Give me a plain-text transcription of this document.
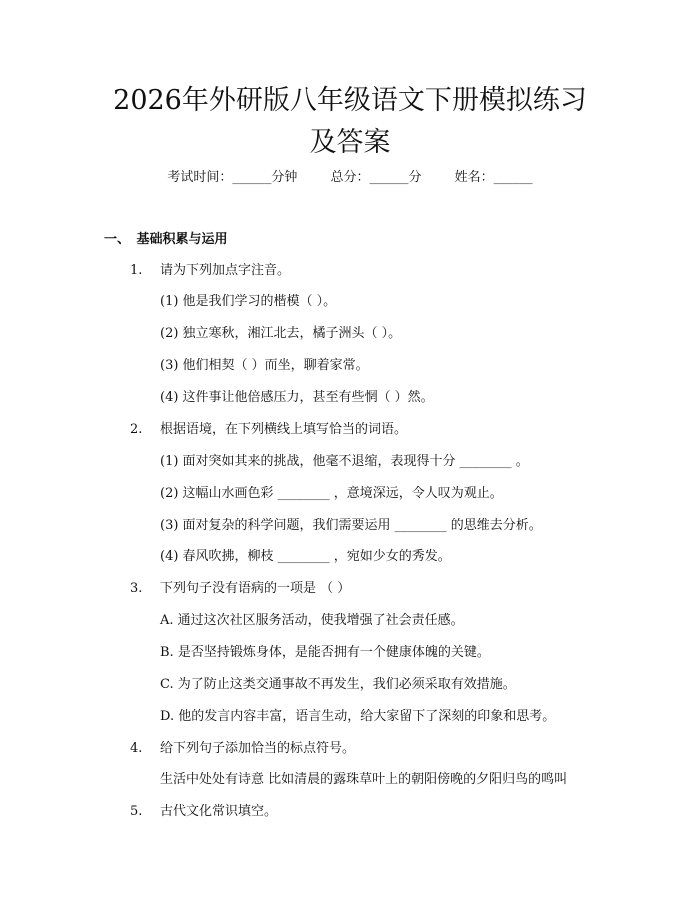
2026年外研版八年级语文下册模拟练习及答案
考试时间：______分钟	总分：______分	姓名：______
一、　基础积累与运用
1. 请为下列加点字注音。
(1) 他是我们学习的楷模（ ）。
(2) 独立寒秋，湘江北去，橘子洲头（ ）。
(3) 他们相契（ ）而坐，聊着家常。
(4) 这件事让他倍感压力，甚至有些惘（ ）然。
2. 根据语境，在下列横线上填写恰当的词语。
(1) 面对突如其来的挑战，他毫不退缩，表现得十分 ________ 。
(2) 这幅山水画色彩 ________ ，意境深远，令人叹为观止。
(3) 面对复杂的科学问题，我们需要运用 ________ 的思维去分析。
(4) 春风吹拂，柳枝 ________ ，宛如少女的秀发。
3. 下列句子没有语病的一项是 （ ）
A. 通过这次社区服务活动，使我增强了社会责任感。
B. 是否坚持锻炼身体，是能否拥有一个健康体魄的关键。
C. 为了防止这类交通事故不再发生，我们必须采取有效措施。
D. 他的发言内容丰富，语言生动，给大家留下了深刻的印象和思考。
4. 给下列句子添加恰当的标点符号。
生活中处处有诗意 比如清晨的露珠草叶上的朝阳傍晚的夕阳归鸟的鸣叫
5. 古代文化常识填空。
